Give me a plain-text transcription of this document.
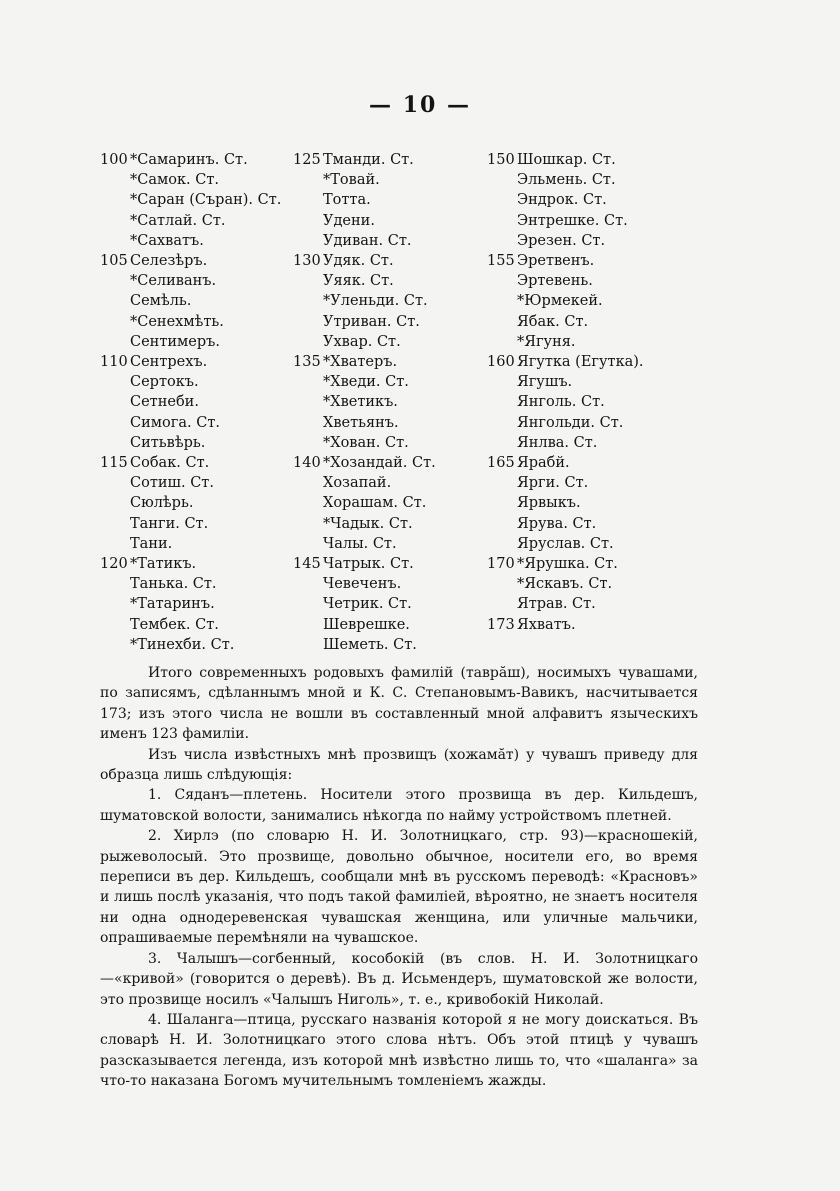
— 10 —
100 *Самаринъ. Ст.
*Самок. Ст.
*Саран (Съран). Ст.
*Сатлай. Ст.
*Сахватъ.
105 Селезѣръ.
*Селиванъ.
Семѣль.
*Сенехмѣть.
Сентимеръ.
110 Сентрехъ.
Сертокъ.
Сетнеби.
Симога. Ст.
Ситьвѣрь.
115 Собак. Ст.
Сотиш. Ст.
Сюлѣрь.
Танги. Ст.
Тани.
120 *Татикъ.
Танька. Ст.
*Татаринъ.
Тембек. Ст.
*Тинехби. Ст.
125 Тманди. Ст.
*Товай.
Тотта.
Удени.
Удиван. Ст.
130 Удяк. Ст.
Уяяк. Ст.
*Уленьди. Ст.
Утриван. Ст.
Ухвар. Ст.
135 *Хватеръ.
*Хведи. Ст.
*Хветикъ.
Хветьянъ.
*Хован. Ст.
140 *Хозандай. Ст.
Хозапай.
Хорашам. Ст.
*Чадык. Ст.
Чалы. Ст.
145 Чатрык. Ст.
Чевеченъ.
Четрик. Ст.
Шеврешке.
Шеметь. Ст.
150 Шошкар. Ст.
Эльмень. Ст.
Эндрок. Ст.
Энтрешке. Ст.
Эрезен. Ст.
155 Эретвенъ.
Эртевень.
*Юрмекей.
Ябак. Ст.
*Ягуня.
160 Ягутка (Егутка).
Ягушъ.
Янголь. Ст.
Янгольди. Ст.
Янлва. Ст.
165 Ярабй.
Ярги. Ст.
Ярвыкъ.
Ярува. Ст.
Яруслав. Ст.
170 *Ярушка. Ст.
*Яскавъ. Ст.
Ятрав. Ст.
173 Яхватъ.

Итого современныхъ родовыхъ фамилiй (таврăш), носимыхъ чувашами, по записямъ, сдѣланнымъ мной и К. С. Степановымъ-Вавикъ, насчитывается 173; изъ этого числа не вошли въ составленный мной алфавитъ языческихъ именъ 123 фамилiи.

Изъ числа извѣстныхъ мнѣ прозвищъ (хожамăт) у чувашъ приведу для образца лишь слѣдующiя:

1. Сяданъ—плетень. Носители этого прозвища въ дер. Кильдешъ, шуматовской волости, занимались нѣкогда по найму устройствомъ плетней.

2. Хирлэ (по словарю Н. И. Золотницкаго, стр. 93)—красношекiй, рыжеволосый. Это прозвище, довольно обычное, носители его, во время переписи въ дер. Кильдешъ, сообщали мнѣ въ русскомъ переводѣ: «Красновъ» и лишь послѣ указанiя, что подъ такой фамилiей, вѣроятно, не знаетъ носителя ни одна однодеревенская чувашская женщина, или уличные мальчики, опрашиваемые перемѣняли на чувашское.

3. Чалышъ—согбенный, кособокiй (въ слов. Н. И. Золотницкаго—«кривой» (говорится о деревѣ). Въ д. Исьмендеръ, шуматовской же волости, это прозвище носилъ «Чалышъ Ниголь», т. е., кривобокiй Николай.

4. Шаланга—птица, русскаго названiя которой я не могу доискаться. Въ словарѣ Н. И. Золотницкаго этого слова нѣтъ. Объ этой птицѣ у чувашъ разсказывается легенда, изъ которой мнѣ извѣстно лишь то, что «шаланга» за что-то наказана Богомъ мучительнымъ томленiемъ жажды.
